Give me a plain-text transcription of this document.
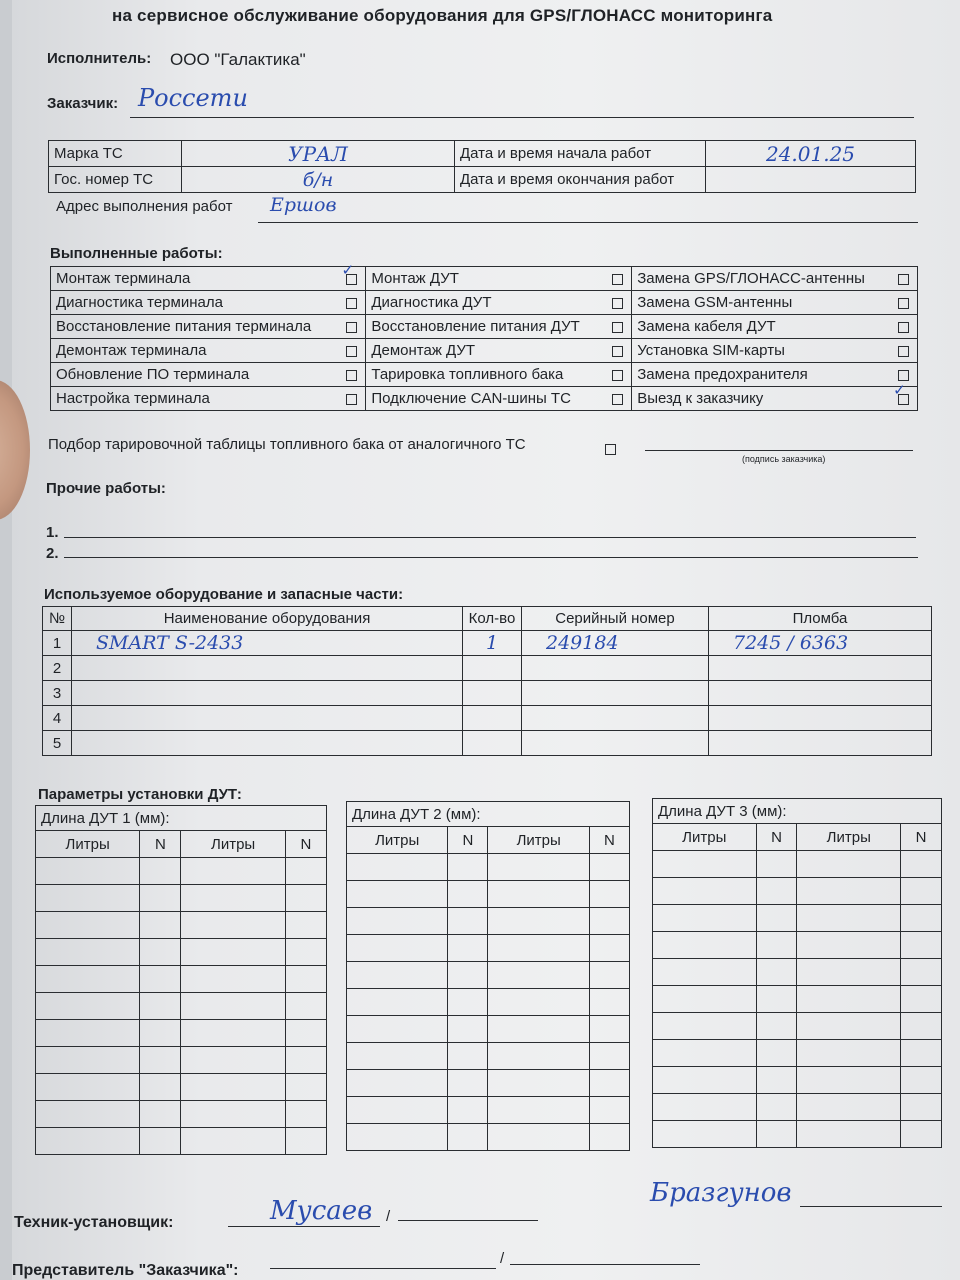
на сервисное обслуживание оборудования для GPS/ГЛОНАСС мониторинга
Исполнитель: ООО "Галактика"
Заказчик: Россети
Марка ТС	УРАЛ	Дата и время начала работ	24.01.25
Гос. номер ТС	б/н	Дата и время окончания работ	
Адрес выполнения работ Ершов
Выполненные работы:
Монтаж терминала	✓	Монтаж ДУТ		Замена GPS/ГЛОНАСС-антенны	
Диагностика терминала		Диагностика ДУТ		Замена GSM-антенны	
Восстановление питания терминала		Восстановление питания ДУТ		Замена кабеля ДУТ	
Демонтаж терминала		Демонтаж ДУТ		Установка SIM-карты	
Обновление ПО терминала		Тарировка топливного бака		Замена предохранителя	
Настройка терминала		Подключение CAN-шины ТС		Выезд к заказчику	✓
Подбор тарировочной таблицы топливного бака от аналогичного ТС
(подпись заказчика)
Прочие работы:
1.
2.
Используемое оборудование и запасные части:
№	Наименование оборудования	Кол-во	Серийный номер	Пломба
1	SMART S-2433	1	249184	7245 / 6363
2				
3				
4				
5				
Параметры установки ДУТ:
Длина ДУТ 1 (мм):			
Литры	N	Литры	N

Длина ДУТ 2 (мм):			
Литры	N	Литры	N

Длина ДУТ 3 (мм):			
Литры	N	Литры	N

Техник-установщик:	Мусаев /
Бразгунов
Представитель "Заказчика":
/
